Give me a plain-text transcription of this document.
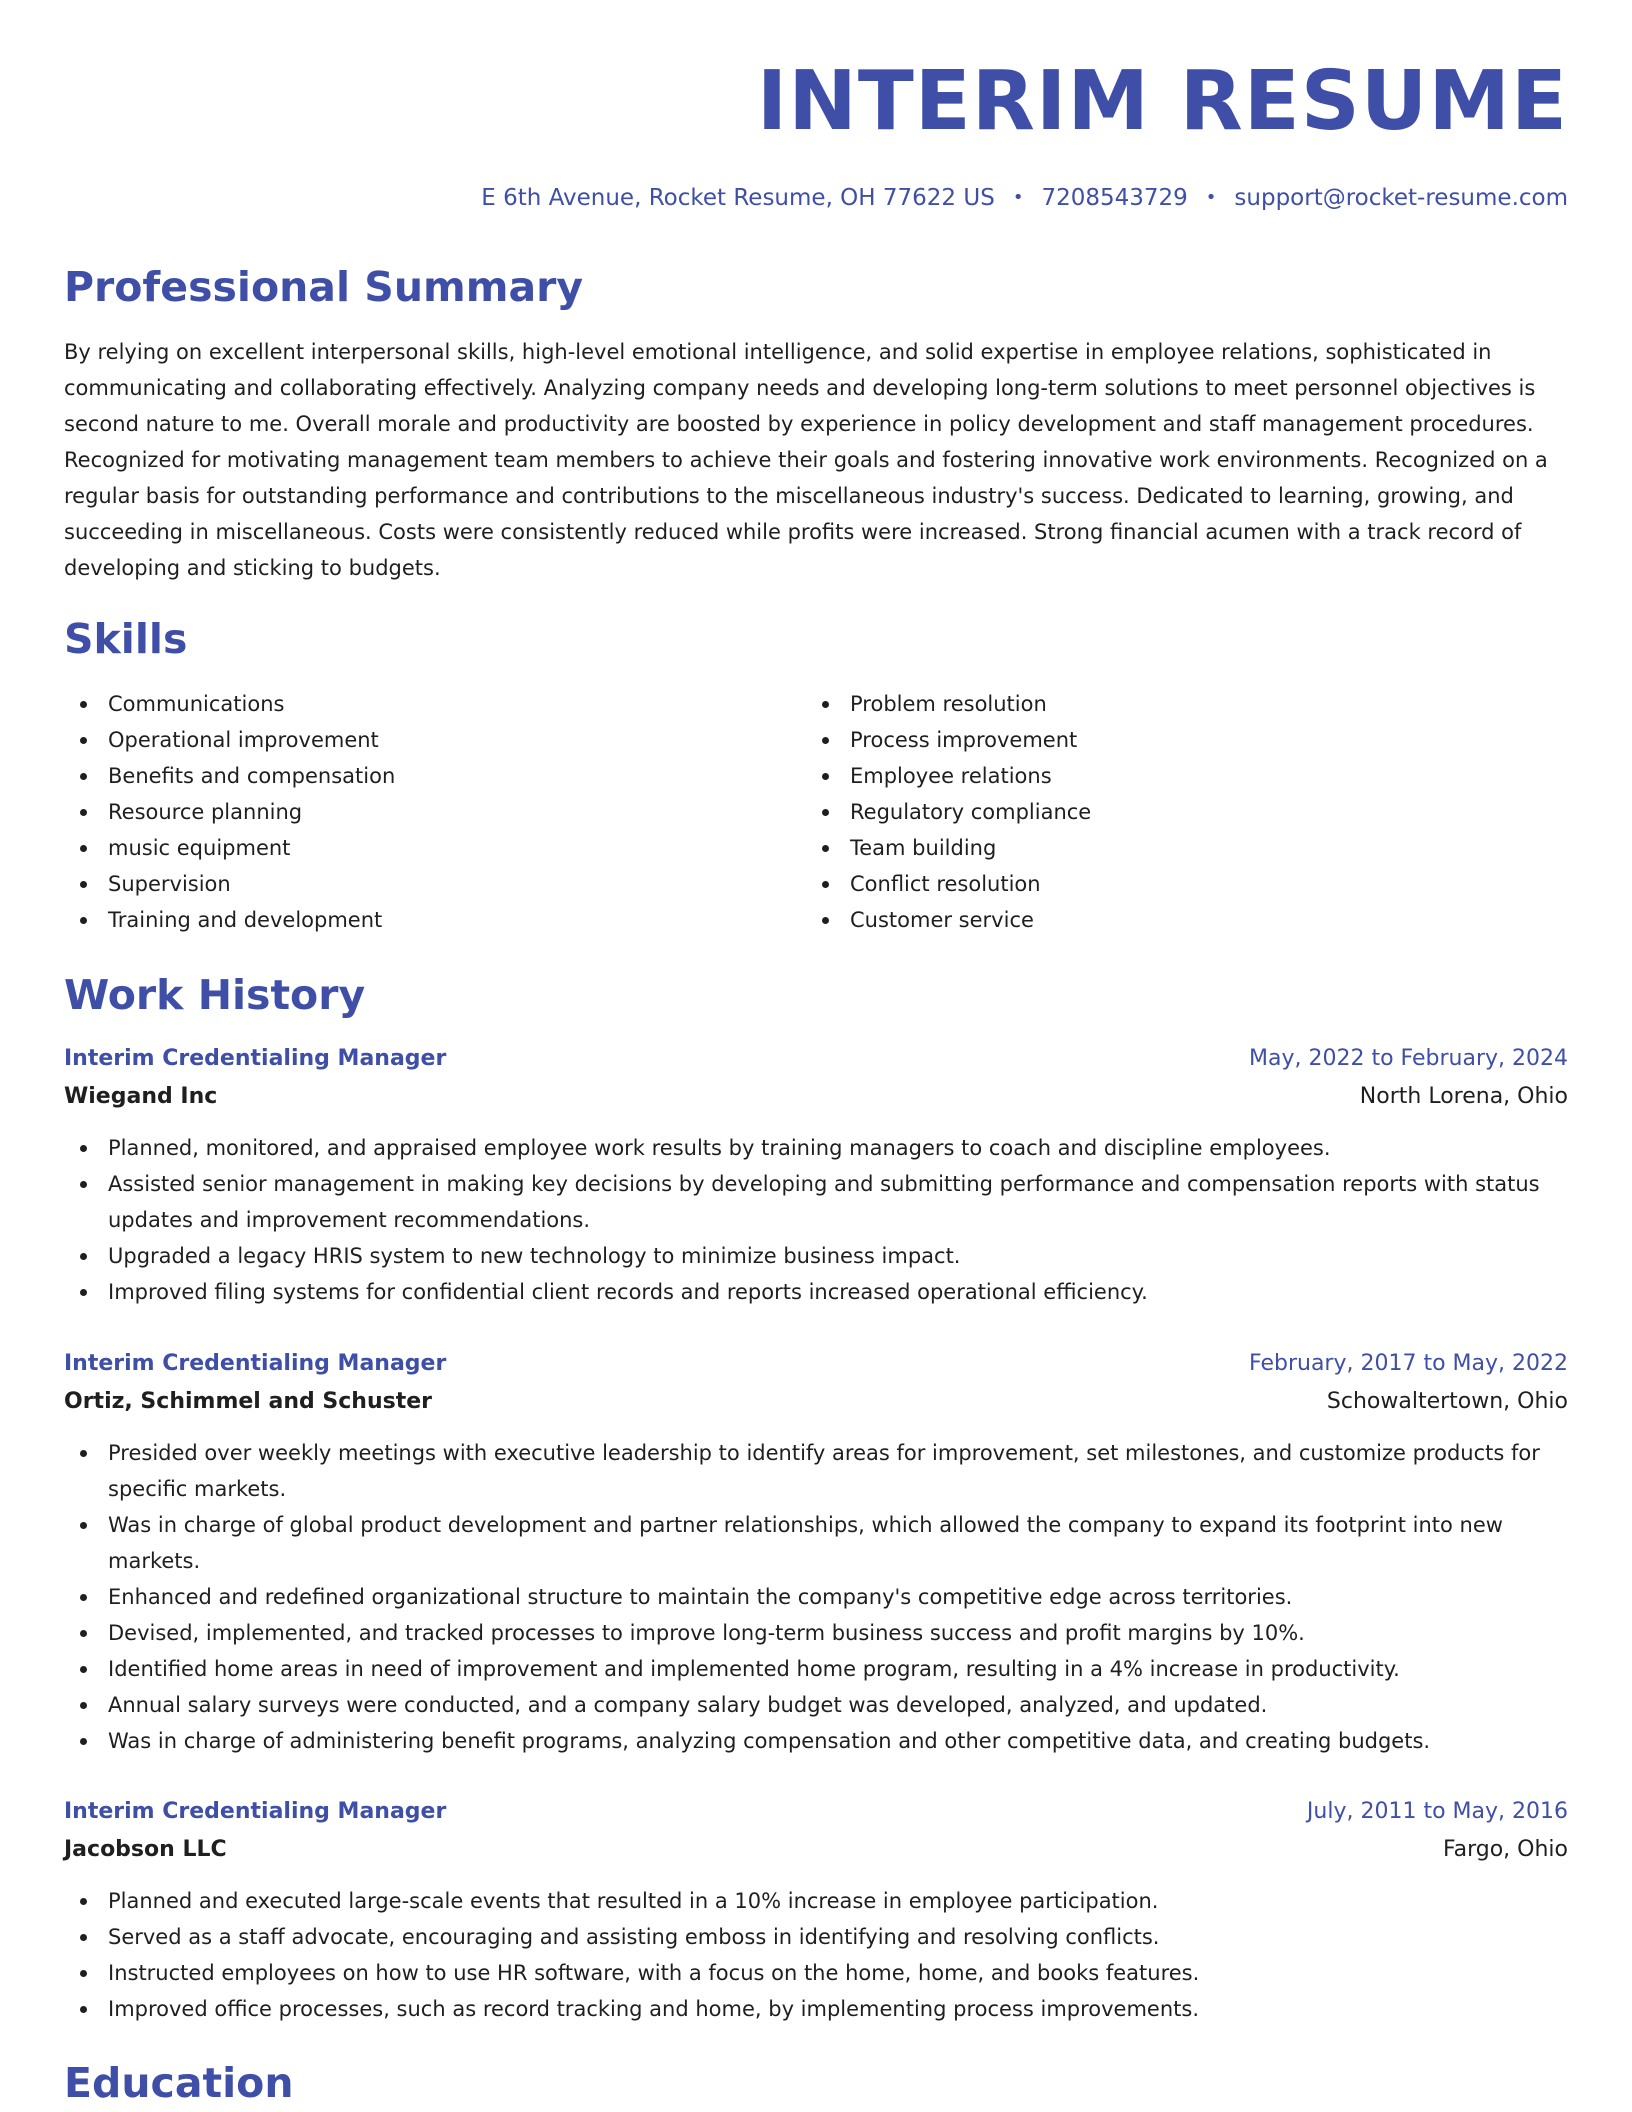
INTERIM RESUME
E 6th Avenue, Rocket Resume, OH 77622 US • 7208543729 • support@rocket-resume.com
Professional Summary

By relying on excellent interpersonal skills, high-level emotional intelligence, and solid expertise in employee relations, sophisticated in communicating and collaborating effectively. Analyzing company needs and developing long-term solutions to meet personnel objectives is second nature to me. Overall morale and productivity are boosted by experience in policy development and staff management procedures. Recognized for motivating management team members to achieve their goals and fostering innovative work environments. Recognized on a regular basis for outstanding performance and contributions to the miscellaneous industry's success. Dedicated to learning, growing, and succeeding in miscellaneous. Costs were consistently reduced while profits were increased. Strong financial acumen with a track record of developing and sticking to budgets.

Skills
Communications
Operational improvement
Benefits and compensation
Resource planning
music equipment
Supervision
Training and development
Problem resolution
Process improvement
Employee relations
Regulatory compliance
Team building
Conflict resolution
Customer service
Work History
Interim Credentialing Manager	May, 2022 to February, 2024
Wiegand Inc	North Lorena, Ohio
Planned, monitored, and appraised employee work results by training managers to coach and discipline employees.
Assisted senior management in making key decisions by developing and submitting performance and compensation reports with status updates and improvement recommendations.
Upgraded a legacy HRIS system to new technology to minimize business impact.
Improved filing systems for confidential client records and reports increased operational efficiency.
Interim Credentialing Manager	February, 2017 to May, 2022
Ortiz, Schimmel and Schuster	Schowaltertown, Ohio
Presided over weekly meetings with executive leadership to identify areas for improvement, set milestones, and customize products for specific markets.
Was in charge of global product development and partner relationships, which allowed the company to expand its footprint into new markets.
Enhanced and redefined organizational structure to maintain the company's competitive edge across territories.
Devised, implemented, and tracked processes to improve long-term business success and profit margins by 10%.
Identified home areas in need of improvement and implemented home program, resulting in a 4% increase in productivity.
Annual salary surveys were conducted, and a company salary budget was developed, analyzed, and updated.
Was in charge of administering benefit programs, analyzing compensation and other competitive data, and creating budgets.
Interim Credentialing Manager	July, 2011 to May, 2016
Jacobson LLC	Fargo, Ohio
Planned and executed large-scale events that resulted in a 10% increase in employee participation.
Served as a staff advocate, encouraging and assisting emboss in identifying and resolving conflicts.
Instructed employees on how to use HR software, with a focus on the home, home, and books features.
Improved office processes, such as record tracking and home, by implementing process improvements.
Education
